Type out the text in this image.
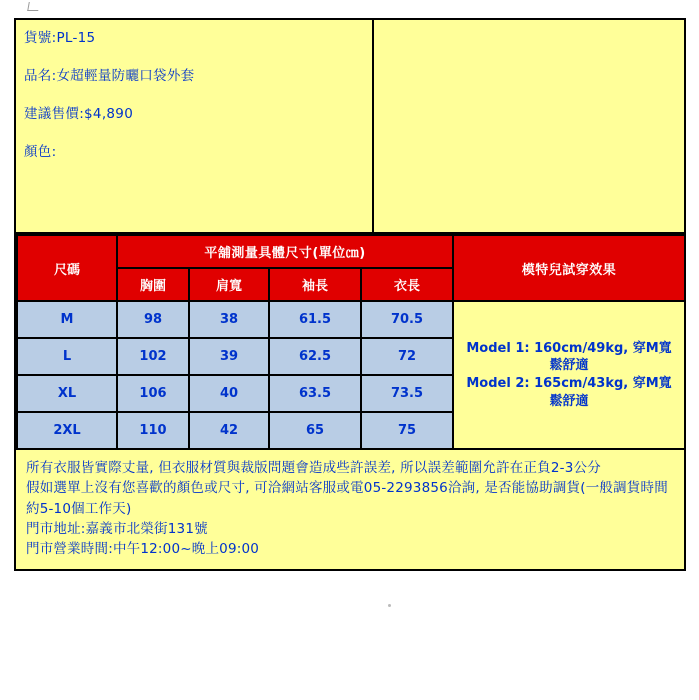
貨號:PL-15
品名:女超輕量防曬口袋外套
建議售價:$4,890
顏色:
尺碼	平舖測量具體尺寸(單位㎝)				模特兒試穿效果
	胸圍	肩寬	袖長	衣長	
M	98	38	61.5	70.5	Model 1: 160cm/49kg, 穿M寬鬆舒適
Model 2: 165cm/43kg, 穿M寬鬆舒適

L	102	39	62.5	72	
XL	106	40	63.5	73.5	
2XL	110	42	65	75	
所有衣服皆實際丈量, 但衣服材質與裁版問題會造成些許誤差, 所以誤差範圍允許在正負2-3公分
假如選單上沒有您喜歡的顏色或尺寸, 可洽網站客服或電05-2293856洽詢, 是否能協助調貨(一般調貨時間約5-10個工作天)
門市地址:嘉義市北榮街131號
門市營業時間:中午12:00~晚上09:00
